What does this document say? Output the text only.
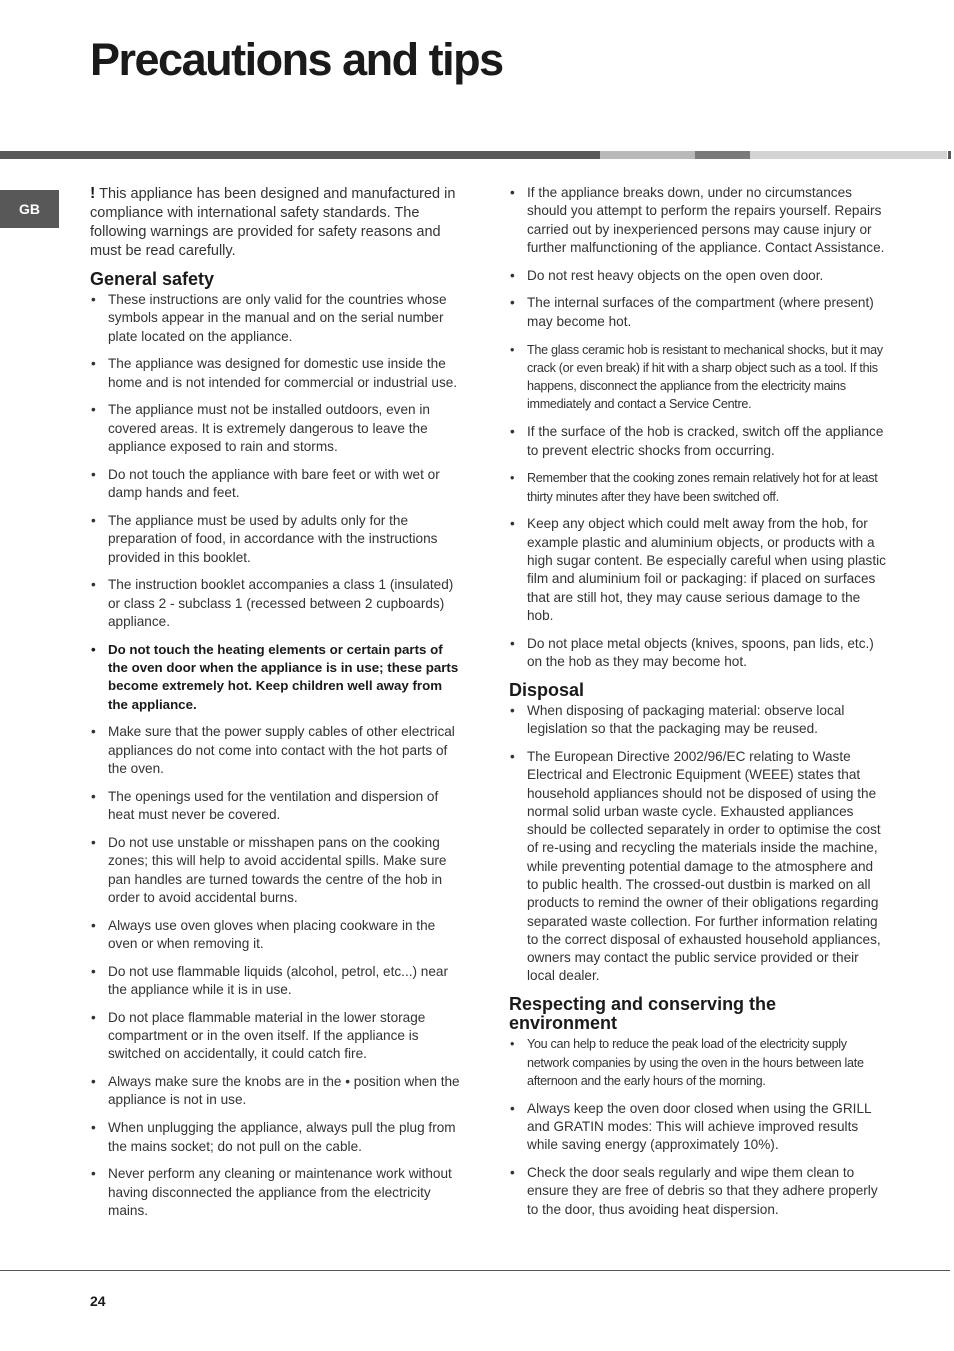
Precautions and tips
GB

! This appliance has been designed and manufactured in compliance with international safety standards. The following warnings are provided for safety reasons and must be read carefully.

General safety
• These instructions are only valid for the countries whose symbols appear in the manual and on the serial number plate located on the appliance.
• The appliance was designed for domestic use inside the home and is not intended for commercial or industrial use.
• The appliance must not be installed outdoors, even in covered areas. It is extremely dangerous to leave the appliance exposed to rain and storms.
• Do not touch the appliance with bare feet or with wet or damp hands and feet.
• The appliance must be used by adults only for the preparation of food, in accordance with the instructions provided in this booklet.
• The instruction booklet accompanies a class 1 (insulated) or class 2 - subclass 1 (recessed between 2 cupboards) appliance.
• Do not touch the heating elements or certain parts of the oven door when the appliance is in use; these parts become extremely hot. Keep children well away from the appliance.
• Make sure that the power supply cables of other electrical appliances do not come into contact with the hot parts of the oven.
• The openings used for the ventilation and dispersion of heat must never be covered.
• Do not use unstable or misshapen pans on the cooking zones; this will help to avoid accidental spills. Make sure pan handles are turned towards the centre of the hob in order to avoid accidental burns.
• Always use oven gloves when placing cookware in the oven or when removing it.
• Do not use flammable liquids (alcohol, petrol, etc...) near the appliance while it is in use.
• Do not place flammable material in the lower storage compartment or in the oven itself. If the appliance is switched on accidentally, it could catch fire.
• Always make sure the knobs are in the • position when the appliance is not in use.
• When unplugging the appliance, always pull the plug from the mains socket; do not pull on the cable.
• Never perform any cleaning or maintenance work without having disconnected the appliance from the electricity mains.
• If the appliance breaks down, under no circumstances should you attempt to perform the repairs yourself. Repairs carried out by inexperienced persons may cause injury or further malfunctioning of the appliance. Contact Assistance.
• Do not rest heavy objects on the open oven door.
• The internal surfaces of the compartment (where present) may become hot.
• The glass ceramic hob is resistant to mechanical shocks, but it may crack (or even break) if hit with a sharp object such as a tool. If this happens, disconnect the appliance from the electricity mains immediately and contact a Service Centre.
• If the surface of the hob is cracked, switch off the appliance to prevent electric shocks from occurring.
• Remember that the cooking zones remain relatively hot for at least thirty minutes after they have been switched off.
• Keep any object which could melt away from the hob, for example plastic and aluminium objects, or products with a high sugar content. Be especially careful when using plastic film and aluminium foil or packaging: if placed on surfaces that are still hot, they may cause serious damage to the hob.
• Do not place metal objects (knives, spoons, pan lids, etc.) on the hob as they may become hot.
Disposal
• When disposing of packaging material: observe local legislation so that the packaging may be reused.
• The European Directive 2002/96/EC relating to Waste Electrical and Electronic Equipment (WEEE) states that household appliances should not be disposed of using the normal solid urban waste cycle. Exhausted appliances should be collected separately in order to optimise the cost of re-using and recycling the materials inside the machine, while preventing potential damage to the atmosphere and to public health. The crossed-out dustbin is marked on all products to remind the owner of their obligations regarding separated waste collection. For further information relating to the correct disposal of exhausted household appliances, owners may contact the public service provided or their local dealer.
Respecting and conserving the environment
• You can help to reduce the peak load of the electricity supply network companies by using the oven in the hours between late afternoon and the early hours of the morning.
• Always keep the oven door closed when using the GRILL and GRATIN modes: This will achieve improved results while saving energy (approximately 10%).
• Check the door seals regularly and wipe them clean to ensure they are free of debris so that they adhere properly to the door, thus avoiding heat dispersion.
24
